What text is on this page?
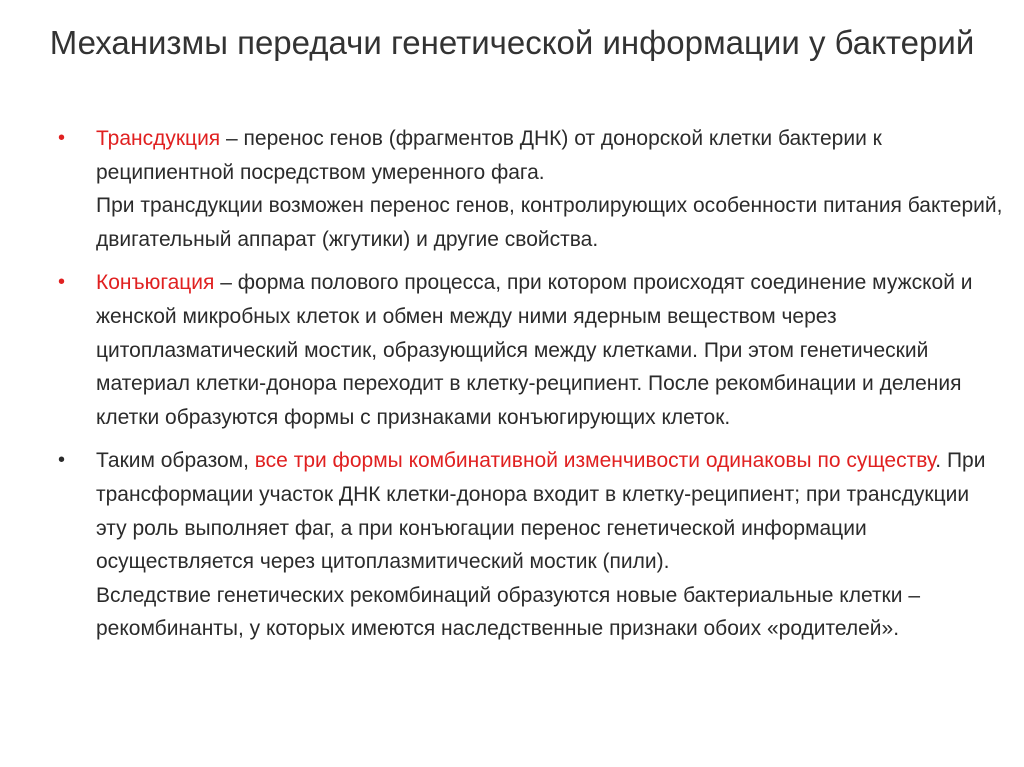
Механизмы передачи генетической информации у бактерий
• Трансдукция – перенос генов (фрагментов ДНК) от донорской клетки бактерии к реципиентной посредством умеренного фага.
При трансдукции возможен перенос генов, контролирующих особенности питания бактерий, двигательный аппарат (жгутики) и другие свойства.
• Конъюгация – форма полового процесса, при котором происходят соединение мужской и женской микробных клеток и обмен между ними ядерным веществом через цитоплазматический мостик, образующийся между клетками. При этом генетический материал клетки-донора переходит в клетку-реципиент. После рекомбинации и деления клетки образуются формы с признаками конъюгирующих клеток.
• Таким образом, все три формы комбинативной изменчивости одинаковы по существу. При трансформации участок ДНК клетки-донора входит в клетку-реципиент; при трансдукции эту роль выполняет фаг, а при конъюгации перенос генетической информации осуществляется через цитоплазмитический мостик (пили).
Вследствие генетических рекомбинаций образуются новые бактериальные клетки – рекомбинанты, у которых имеются наследственные признаки обоих «родителей».
